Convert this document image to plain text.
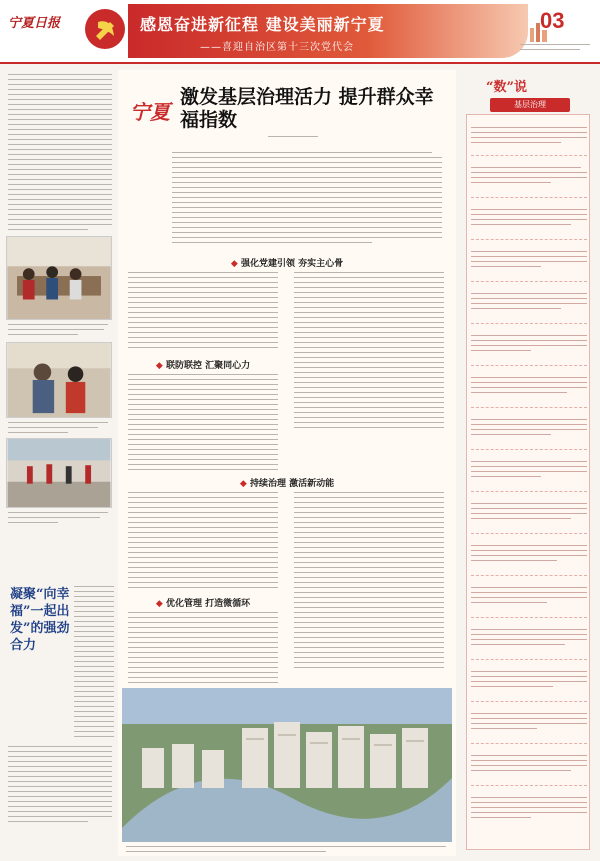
宁夏日报	感恩奋进新征程 建设美丽新宁夏
——喜迎自治区第十三次党代会
03
凝聚“向幸福”一起出发”的强劲合力
宁夏
激发基层治理活力 提升群众幸福指数
◆ 强化党建引领 夯实主心骨
◆ 联防联控 汇聚同心力
◆ 持续治理 激活新动能
◆ 优化管理 打造微循环
“数”说
基层治理
